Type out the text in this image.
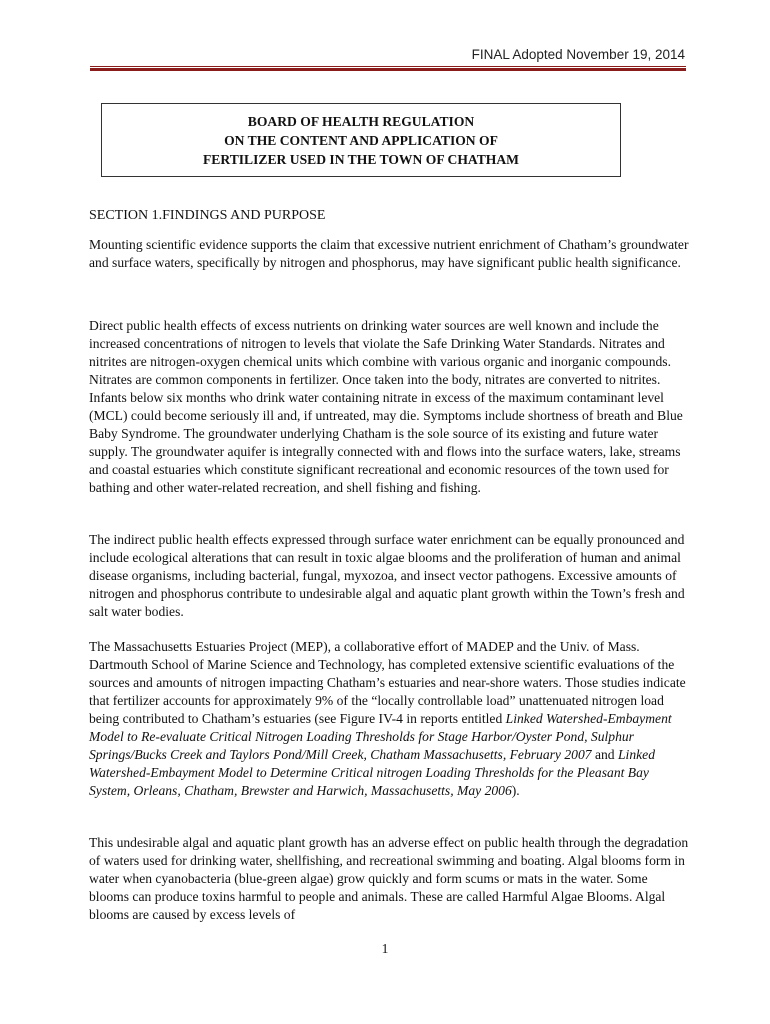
FINAL Adopted November 19, 2014
BOARD OF HEALTH REGULATION
ON THE CONTENT AND APPLICATION OF
FERTILIZER USED IN THE TOWN OF CHATHAM
SECTION 1.FINDINGS AND PURPOSE

Mounting scientific evidence supports the claim that excessive nutrient enrichment of Chatham’s groundwater and surface waters, specifically by nitrogen and phosphorus, may have significant public health significance.

Direct public health effects of excess nutrients on drinking water sources are well known and include the increased concentrations of nitrogen to levels that violate the Safe Drinking Water Standards. Nitrates and nitrites are nitrogen-oxygen chemical units which combine with various organic and inorganic compounds. Nitrates are common components in fertilizer. Once taken into the body, nitrates are converted to nitrites. Infants below six months who drink water containing nitrate in excess of the maximum contaminant level (MCL) could become seriously ill and, if untreated, may die. Symptoms include shortness of breath and Blue Baby Syndrome. The groundwater underlying Chatham is the sole source of its existing and future water supply. The groundwater aquifer is integrally connected with and flows into the surface waters, lake, streams and coastal estuaries which constitute significant recreational and economic resources of the town used for bathing and other water-related recreation, and shell fishing and fishing.

The indirect public health effects expressed through surface water enrichment can be equally pronounced and include ecological alterations that can result in toxic algae blooms and the proliferation of human and animal disease organisms, including bacterial, fungal, myxozoa, and insect vector pathogens. Excessive amounts of nitrogen and phosphorus contribute to undesirable algal and aquatic plant growth within the Town’s fresh and salt water bodies.

The Massachusetts Estuaries Project (MEP), a collaborative effort of MADEP and the Univ. of Mass. Dartmouth School of Marine Science and Technology, has completed extensive scientific evaluations of the sources and amounts of nitrogen impacting Chatham’s estuaries and near-shore waters. Those studies indicate that fertilizer accounts for approximately 9% of the “locally controllable load” unattenuated nitrogen load being contributed to Chatham’s estuaries (see Figure IV-4 in reports entitled Linked Watershed-Embayment Model to Re-evaluate Critical Nitrogen Loading Thresholds for Stage Harbor/Oyster Pond, Sulphur Springs/Bucks Creek and Taylors Pond/Mill Creek, Chatham Massachusetts, February 2007 and Linked Watershed-Embayment Model to Determine Critical nitrogen Loading Thresholds for the Pleasant Bay System, Orleans, Chatham, Brewster and Harwich, Massachusetts, May 2006).

This undesirable algal and aquatic plant growth has an adverse effect on public health through the degradation of waters used for drinking water, shellfishing, and recreational swimming and boating. Algal blooms form in water when cyanobacteria (blue-green algae) grow quickly and form scums or mats in the water. Some blooms can produce toxins harmful to people and animals. These are called Harmful Algae Blooms. Algal blooms are caused by excess levels of

1
